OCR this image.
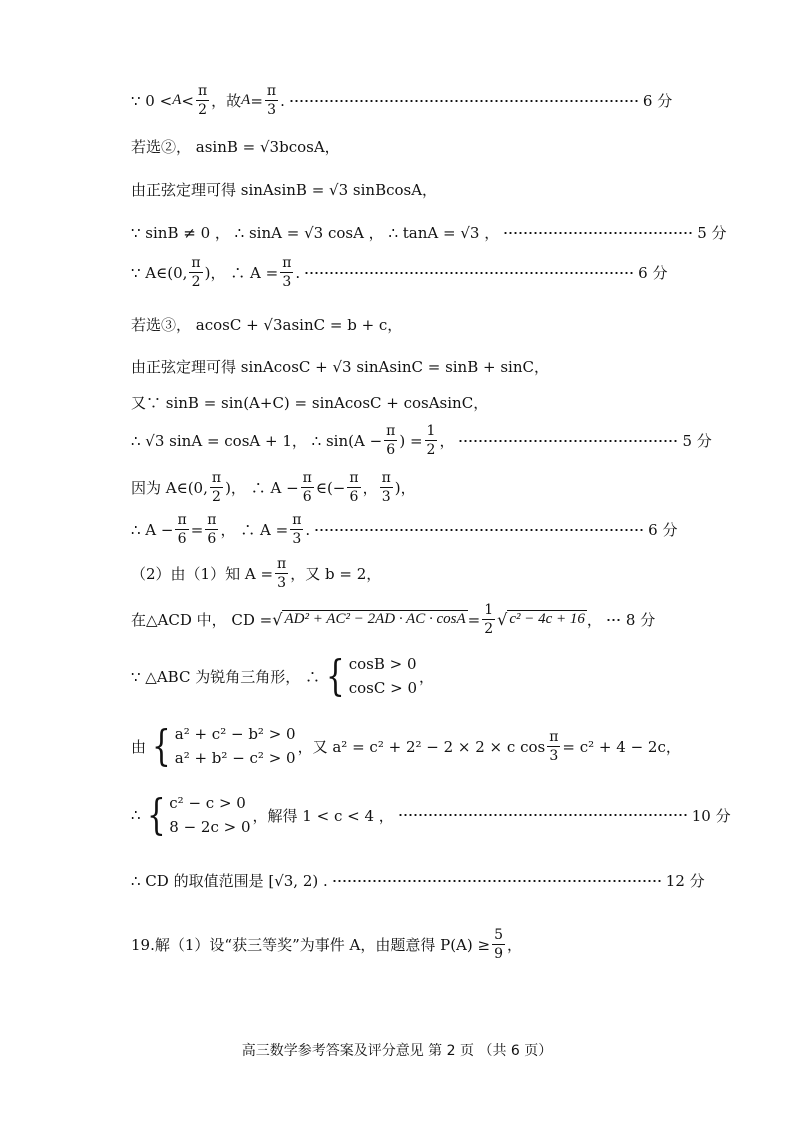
∵ $0 < A < \frac{\pi}{2}$ ，故 $A = \frac{\pi}{3}$ .	6 分
若选②， asinB = √3bcosA，
由正弦定理可得 sinAsinB = √3 sinBcosA，
∵ sinB ≠ 0 ， ∴ sinA = √3 cosA ， ∴ tanA = √3 ，	5 分
∵ A∈(0, $\frac{\pi}{2}$ )， ∴ $A = \frac{\pi}{3}$ .	6 分
若选③， acosC + √3asinC = b + c，
由正弦定理可得 sinAcosC + √3 sinAsinC = sinB + sinC，
又∵ sinB = sin(A+C) = sinAcosC + cosAsinC，
∴ √3 sinA = cosA + 1， ∴ $\sin(A - \frac{\pi}{6}$ ) = $\frac{1}{2}$ ，	5 分
因为 A∈(0, $\frac{\pi}{2}$ )， ∴ $A - \frac{\pi}{6}$ ∈(− $\frac{\pi}{6}$ ， $\frac{\pi}{3}$ )，
∴ $A - \frac{\pi}{6} = \frac{\pi}{6}$ ， ∴ $A = \frac{\pi}{3}$ .	6 分
（2）由（1）知 $A = \frac{\pi}{3}$ ，又 b = 2，
在△ACD 中， CD = √ AD² + AC² − 2AD · AC · $\cos A = \frac{1}{2}$ √ c² − 4c + 16 ， 8 分
∵ △ABC 为锐角三角形， ∴ { cosB > 0
cosC > 0
，
由 { a² + c² − b² > 0
a² + b² − c² > 0
，又 a² = c² + 2² − 2 × 2 × c $\cos \frac{\pi}{3} = c^2 + 4 - 2c$，
∴ { c² − c > 0
8 − 2c > 0
，解得 1 < c < 4 ，	10 分
∴ CD 的取值范围是 [√3, 2) .	12 分
19.解（1）设“获三等奖”为事件 A，由题意得 $P(A) \ge \frac{5}{9}$ ，
高三数学参考答案及评分意见 第 2 页 （共 6 页）
